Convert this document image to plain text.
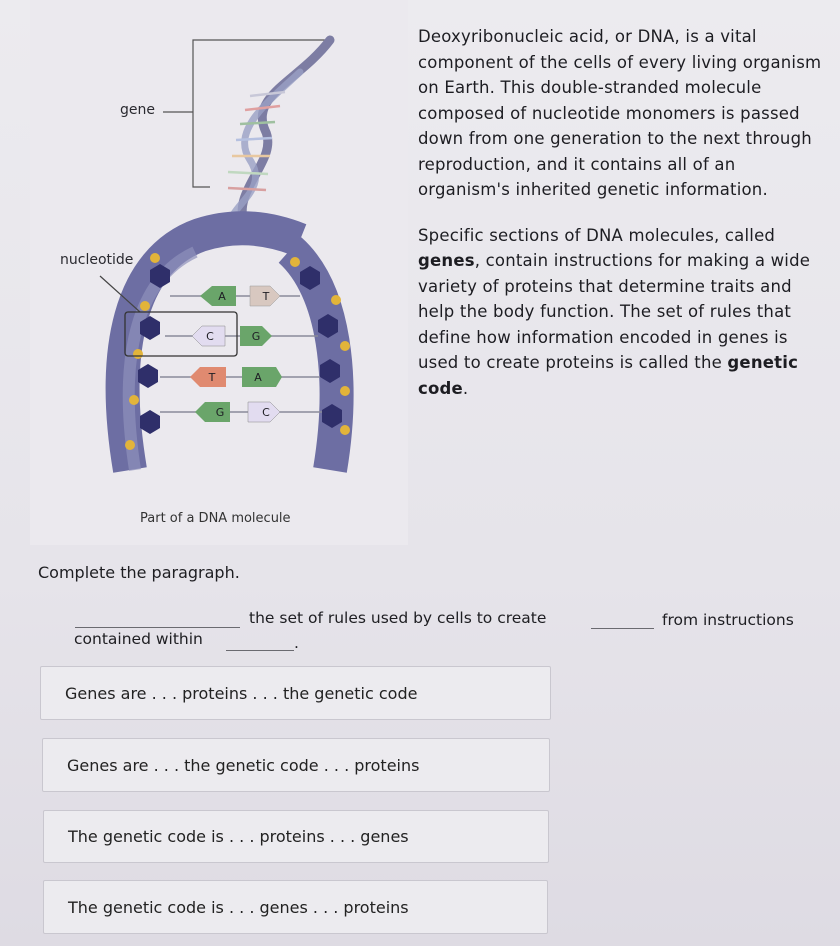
A	T
C	G
T	A
G	C
gene
nucleotide
Part of a DNA molecule

Deoxyribonucleic acid, or DNA, is a vital
component of the cells of every living organism
on Earth. This double-stranded molecule
composed of nucleotide monomers is passed
down from one generation to the next through
reproduction, and it contains all of an
organism's inherited genetic information.

Specific sections of DNA molecules, called
genes, contain instructions for making a wide
variety of proteins that determine traits and
help the body function. The set of rules that
define how information encoded in genes is
used to create proteins is called the genetic
code.

Complete the paragraph.
the set of rules used by cells to create	from instructions
contained within	.
Genes are . . . proteins . . . the genetic code
Genes are . . . the genetic code . . . proteins
The genetic code is . . . proteins . . . genes
The genetic code is . . . genes . . . proteins
